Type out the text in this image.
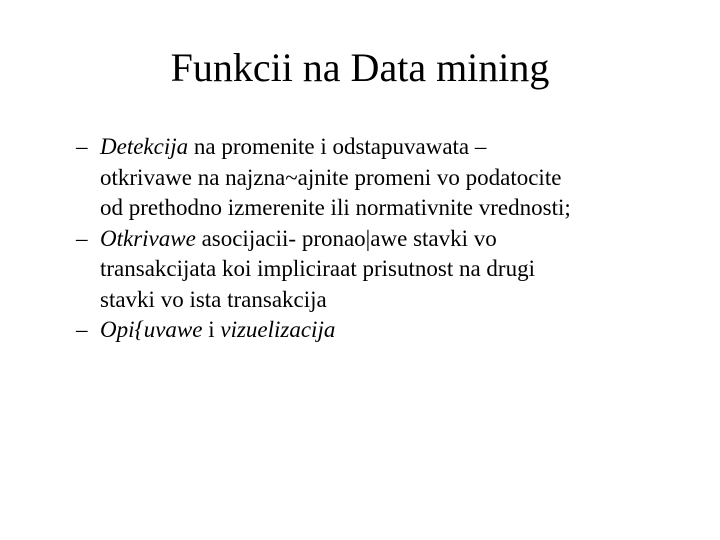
Funkcii na Data mining
– Detekcija na promenite i odstapuvawata –
otkrivawe na najzna~ajnite promeni vo podatocite
od prethodno izmerenite ili normativnite vrednosti;
– Otkrivawe asocijacii- pronao|awe stavki vo
transakcijata koi impliciraat prisutnost na drugi
stavki vo ista transakcija
– Opi{uvawe i vizuelizacija
